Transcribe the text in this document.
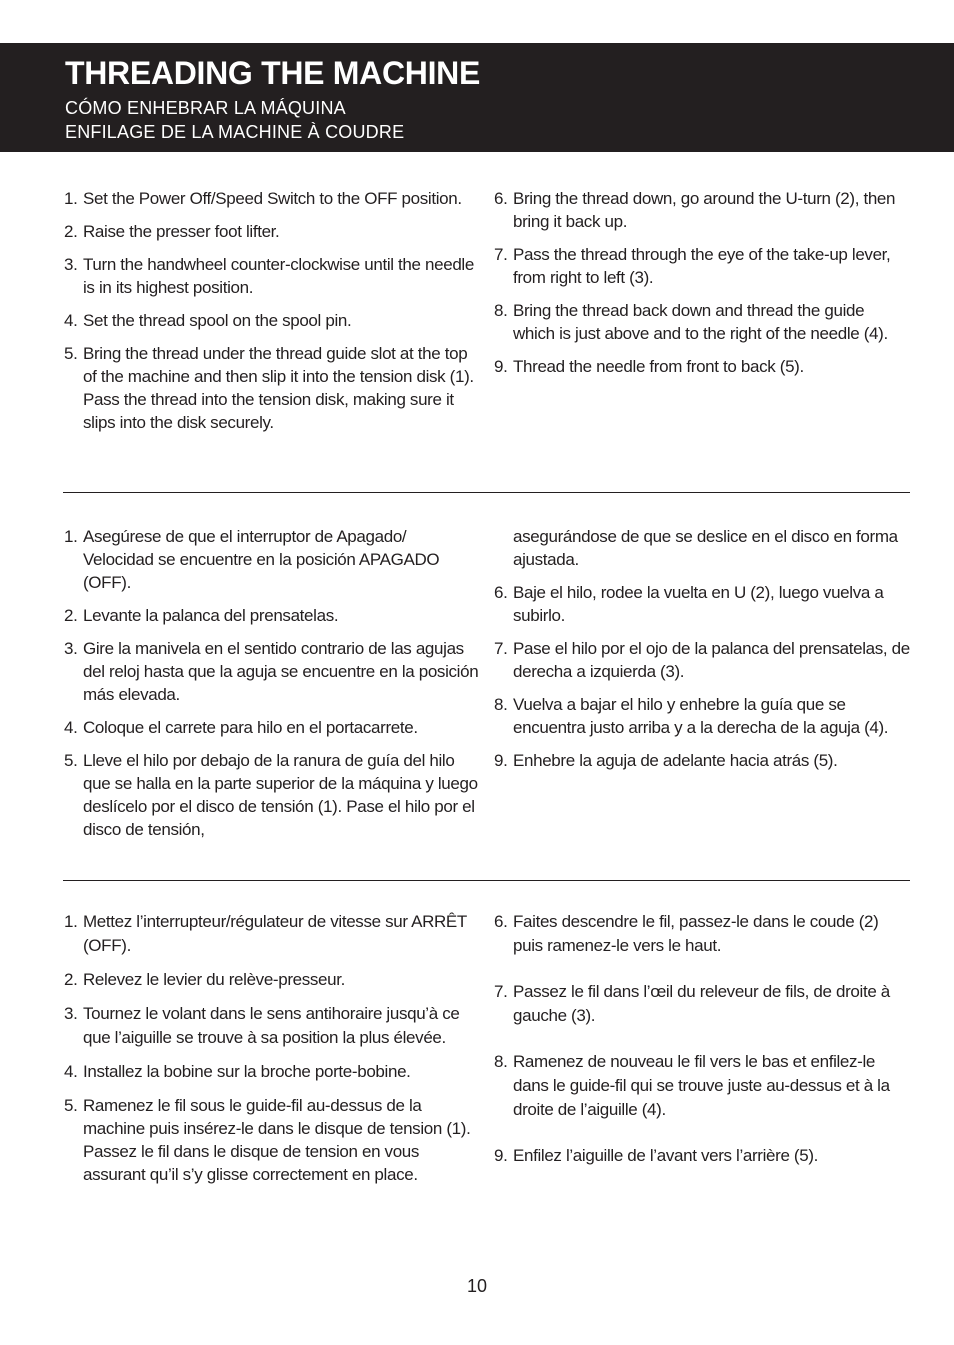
THREADING THE MACHINE

CÓMO ENHEBRAR LA MÁQUINA

ENFILAGE DE LA MACHINE À COUDRE

1. Set the Power Off/Speed Switch to the OFF position.
2. Raise the presser foot lifter.
3. Turn the handwheel counter-clockwise until the needle is in its highest position.
4. Set the thread spool on the spool pin.
5. Bring the thread under the thread guide slot at the top of the machine and then slip it into the tension disk (1). Pass the thread into the tension disk, making sure it slips into the disk securely.
6. Bring the thread down, go around the U-turn (2), then bring it back up.
7. Pass the thread through the eye of the take-up lever, from right to left (3).
8. Bring the thread back down and thread the guide which is just above and to the right of the needle (4).
9. Thread the needle from front to back (5).
1. Asegúrese de que el interruptor de Apagado/ Velocidad se encuentre en la posición APAGADO (OFF).
2. Levante la palanca del prensatelas.
3. Gire la manivela en el sentido contrario de las agujas del reloj hasta que la aguja se encuentre en la posición más elevada.
4. Coloque el carrete para hilo en el portacarrete.
5. Lleve el hilo por debajo de la ranura de guía del hilo que se halla en la parte superior de la máquina y luego deslícelo por el disco de tensión (1). Pase el hilo por el disco de tensión,
asegurándose de que se deslice en el disco en forma ajustada.
6. Baje el hilo, rodee la vuelta en U (2), luego vuelva a subirlo.
7. Pase el hilo por el ojo de la palanca del prensatelas, de derecha a izquierda (3).
8. Vuelva a bajar el hilo y enhebre la guía que se encuentra justo arriba y a la derecha de la aguja (4).
9. Enhebre la aguja de adelante hacia atrás (5).
1. Mettez l’interrupteur/régulateur de vitesse sur ARRÊT (OFF).
2. Relevez le levier du relève-presseur.
3. Tournez le volant dans le sens antihoraire jusqu’à ce que l’aiguille se trouve à sa position la plus élevée.
4. Installez la bobine sur la broche porte-bobine.
5. Ramenez le fil sous le guide-fil au-dessus de la machine puis insérez-le dans le disque de tension (1). Passez le fil dans le disque de tension en vous assurant qu’il s’y glisse correctement en place.
6. Faites descendre le fil, passez-le dans le coude (2) puis ramenez-le vers le haut.
7. Passez le fil dans l’œil du releveur de fils, de droite à gauche (3).
8. Ramenez de nouveau le fil vers le bas et enfilez-le dans le guide-fil qui se trouve juste au-dessus et à la droite de l’aiguille (4).
9. Enfilez l’aiguille de l’avant vers l’arrière (5).
10
